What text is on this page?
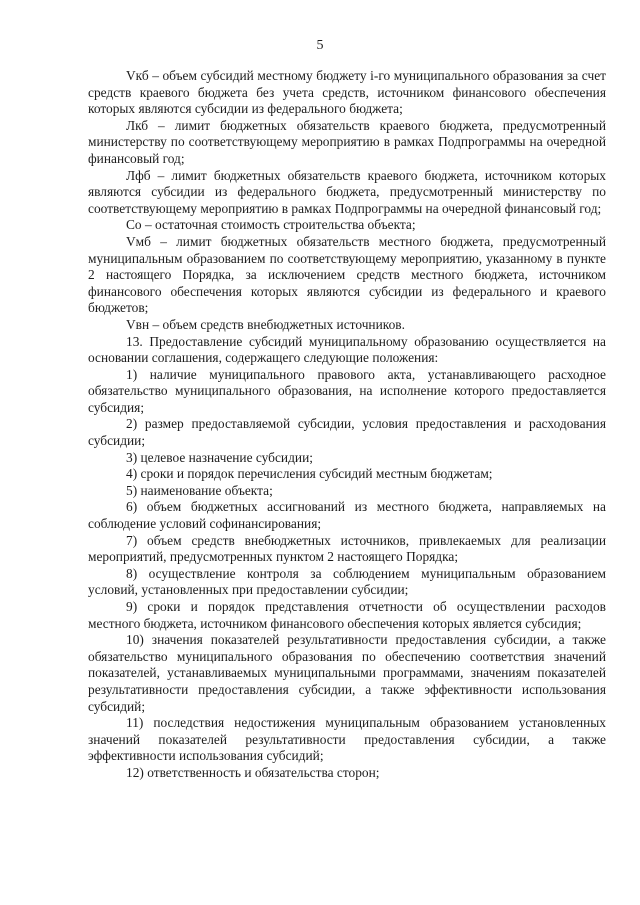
5

Vкб – объем субсидий местному бюджету i-го муниципального образования за счет средств краевого бюджета без учета средств, источником финансового обеспечения которых являются субсидии из федерального бюджета;

Лкб – лимит бюджетных обязательств краевого бюджета, предусмотренный министерству по соответствующему мероприятию в рамках Подпрограммы на очередной финансовый год;

Лфб – лимит бюджетных обязательств краевого бюджета, источником которых являются субсидии из федерального бюджета, предусмотренный министерству по соответствующему мероприятию в рамках Подпрограммы на очередной финансовый год;

Со – остаточная стоимость строительства объекта;

Vмб – лимит бюджетных обязательств местного бюджета, предусмотренный муниципальным образованием по соответствующему мероприятию, указанному в пункте 2 настоящего Порядка, за исключением средств местного бюджета, источником финансового обеспечения которых являются субсидии из федерального и краевого бюджетов;

Vвн – объем средств внебюджетных источников.

13. Предоставление субсидий муниципальному образованию осуществляется на основании соглашения, содержащего следующие положения:

1) наличие муниципального правового акта, устанавливающего расходное обязательство муниципального образования, на исполнение которого предоставляется субсидия;

2) размер предоставляемой субсидии, условия предоставления и расходования субсидии;

3) целевое назначение субсидии;

4) сроки и порядок перечисления субсидий местным бюджетам;

5) наименование объекта;

6) объем бюджетных ассигнований из местного бюджета, направляемых на соблюдение условий софинансирования;

7) объем средств внебюджетных источников, привлекаемых для реализации мероприятий, предусмотренных пунктом 2 настоящего Порядка;

8) осуществление контроля за соблюдением муниципальным образованием условий, установленных при предоставлении субсидии;

9) сроки и порядок представления отчетности об осуществлении расходов местного бюджета, источником финансового обеспечения которых является субсидия;

10) значения показателей результативности предоставления субсидии, а также обязательство муниципального образования по обеспечению соответствия значений показателей, устанавливаемых муниципальными программами, значениям показателей результативности предоставления субсидии, а также эффективности использования субсидий;

11) последствия недостижения муниципальным образованием установленных значений показателей результативности предоставления субсидии, а также эффективности использования субсидий;

12) ответственность и обязательства сторон;
